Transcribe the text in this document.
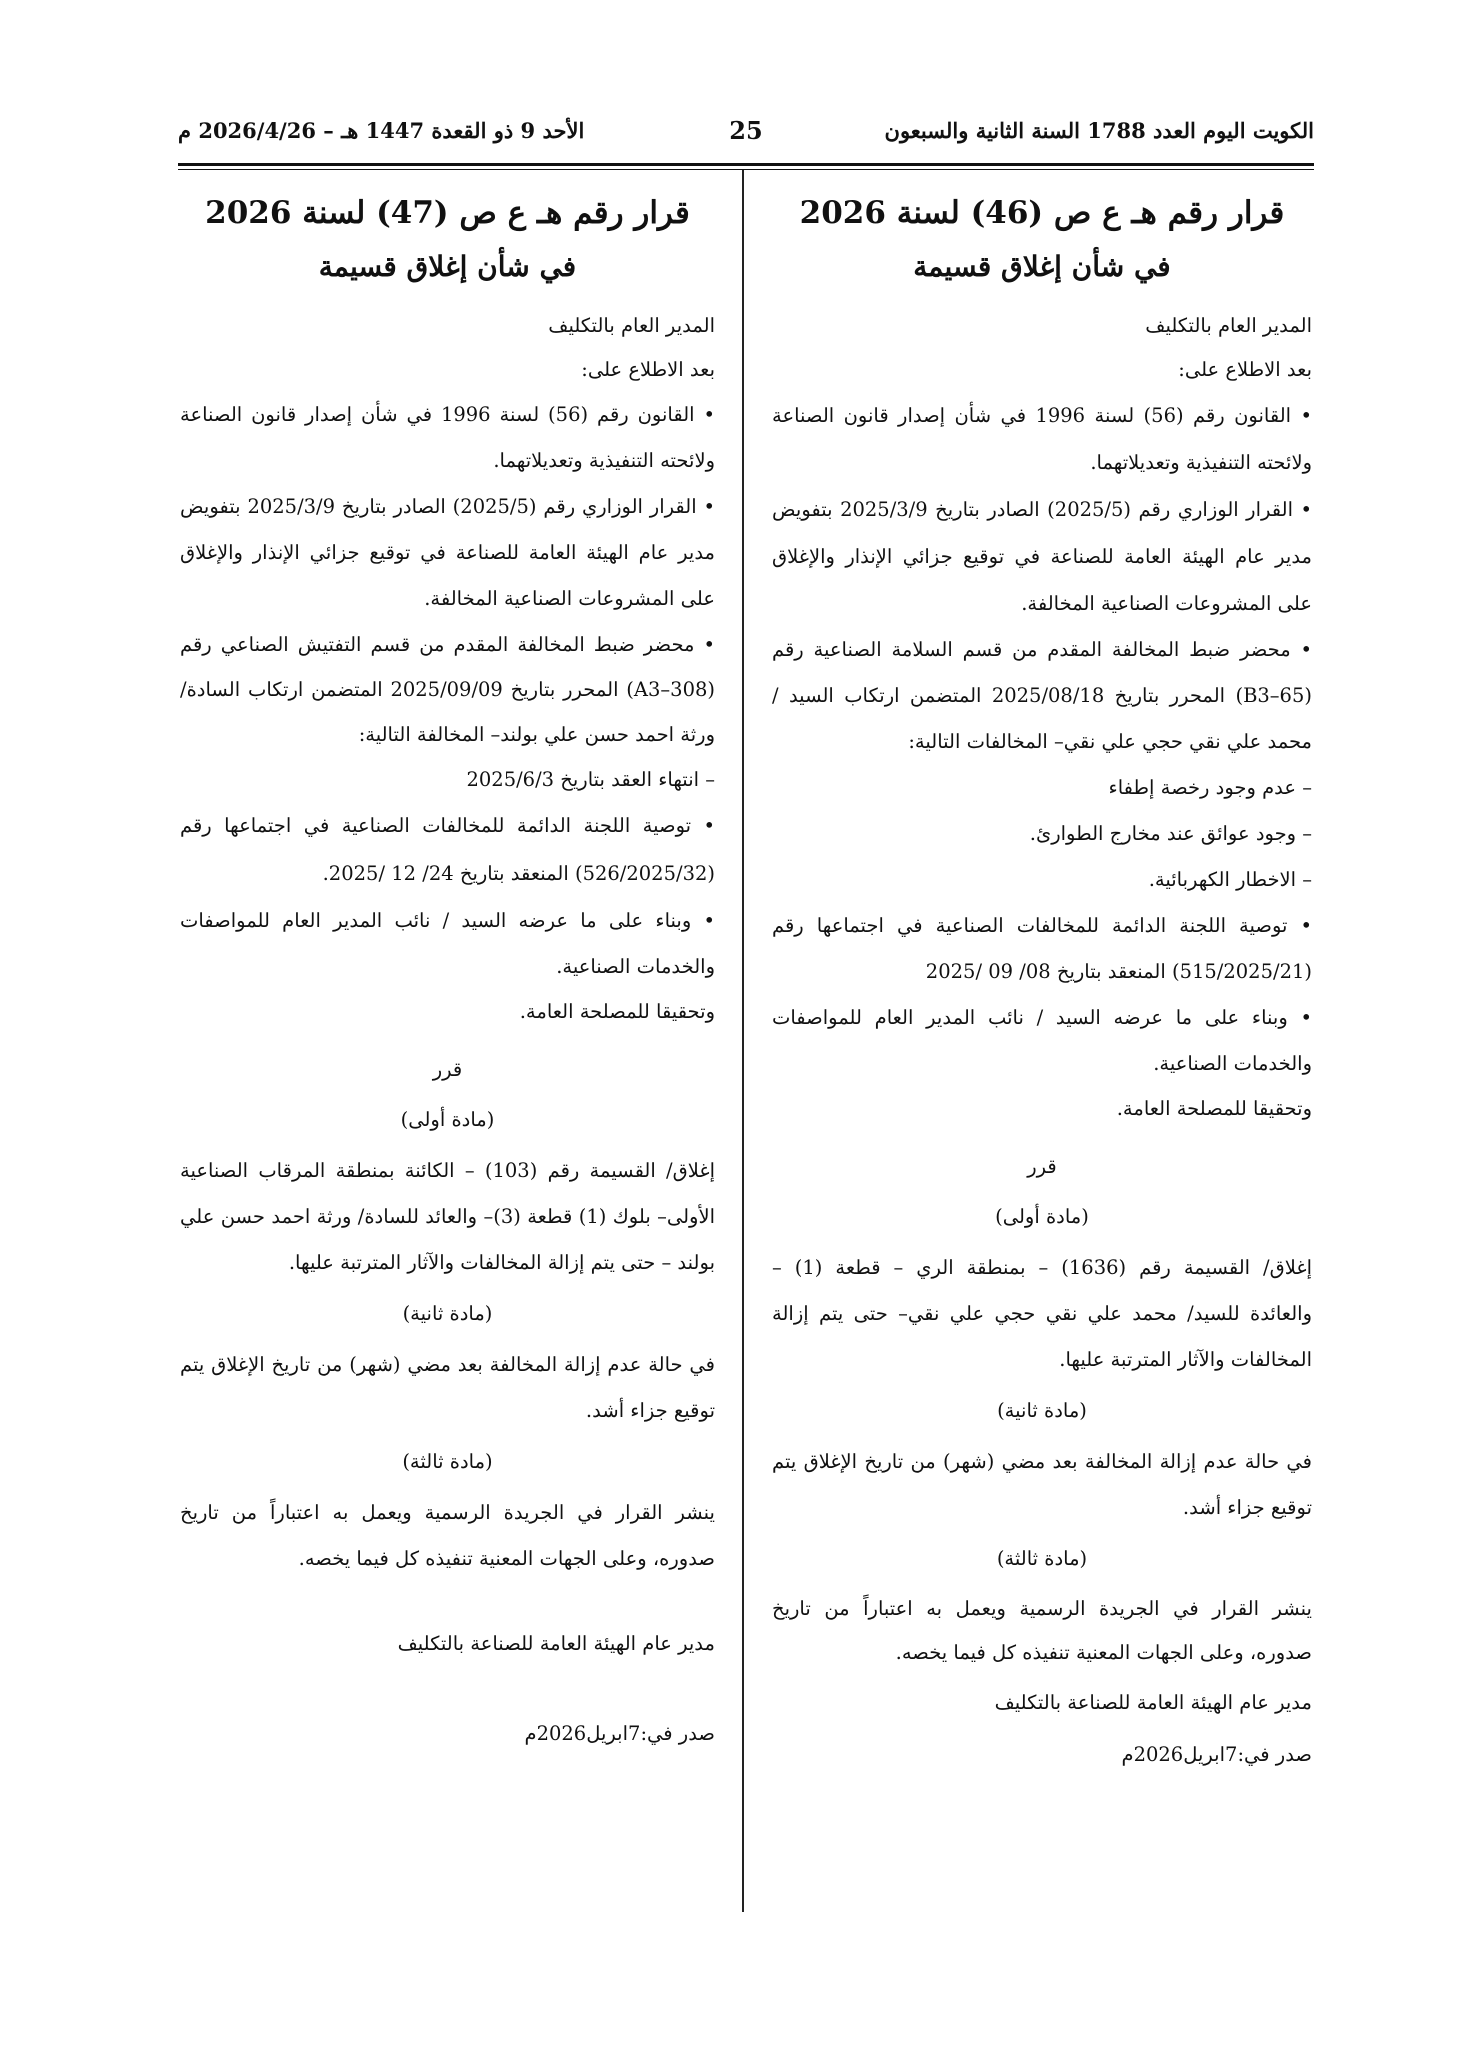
الكويت اليوم العدد 1788 السنة الثانية والسبعون
25
الأحد 9 ذو القعدة 1447 هـ – 2026/4/26 م
قرار رقم هـ ع ص (46) لسنة 2026
في شأن إغلاق قسيمة
المدير العام بالتكليف
بعد الاطلاع على:

• القانون رقم (56) لسنة 1996 في شأن إصدار قانون الصناعة ولائحته التنفيذية وتعديلاتهما.

• القرار الوزاري رقم (2025/5) الصادر بتاريخ 2025/3/9 بتفويض مدير عام الهيئة العامة للصناعة في توقيع جزائي الإنذار والإغلاق على المشروعات الصناعية المخالفة.

• محضر ضبط المخالفة المقدم من قسم السلامة الصناعية رقم (B3–65) المحرر بتاريخ 2025/08/18 المتضمن ارتكاب السيد / محمد علي نقي حجي علي نقي– المخالفات التالية:

– عدم وجود رخصة إطفاء
– وجود عوائق عند مخارج الطوارئ.
– الاخطار الكهربائية.

• توصية اللجنة الدائمة للمخالفات الصناعية في اجتماعها رقم (515/2025/21) المنعقد بتاريخ 08/ 09 /2025

• وبناء على ما عرضه السيد / نائب المدير العام للمواصفات والخدمات الصناعية.

وتحقيقا للمصلحة العامة.
قرر
(مادة أولى)

إغلاق/ القسيمة رقم (1636) – بمنطقة الري – قطعة (1) – والعائدة للسيد/ محمد علي نقي حجي علي نقي– حتى يتم إزالة المخالفات والآثار المترتبة عليها.

(مادة ثانية)

في حالة عدم إزالة المخالفة بعد مضي (شهر) من تاريخ الإغلاق يتم توقيع جزاء أشد.

(مادة ثالثة)

ينشر القرار في الجريدة الرسمية ويعمل به اعتباراً من تاريخ صدوره، وعلى الجهات المعنية تنفيذه كل فيما يخصه.

مدير عام الهيئة العامة للصناعة بالتكليف
صدر في:7ابريل2026م
قرار رقم هـ ع ص (47) لسنة 2026
في شأن إغلاق قسيمة
المدير العام بالتكليف
بعد الاطلاع على:

• القانون رقم (56) لسنة 1996 في شأن إصدار قانون الصناعة ولائحته التنفيذية وتعديلاتهما.

• القرار الوزاري رقم (2025/5) الصادر بتاريخ 2025/3/9 بتفويض مدير عام الهيئة العامة للصناعة في توقيع جزائي الإنذار والإغلاق على المشروعات الصناعية المخالفة.

• محضر ضبط المخالفة المقدم من قسم التفتيش الصناعي رقم (A3–308) المحرر بتاريخ 2025/09/09 المتضمن ارتكاب السادة/ ورثة احمد حسن علي بولند– المخالفة التالية:

– انتهاء العقد بتاريخ 2025/6/3

• توصية اللجنة الدائمة للمخالفات الصناعية في اجتماعها رقم (526/2025/32) المنعقد بتاريخ 24/ 12 /2025.

• وبناء على ما عرضه السيد / نائب المدير العام للمواصفات والخدمات الصناعية.

وتحقيقا للمصلحة العامة.
قرر
(مادة أولى)

إغلاق/ القسيمة رقم (103) – الكائنة بمنطقة المرقاب الصناعية الأولى– بلوك (1) قطعة (3)– والعائد للسادة/ ورثة احمد حسن علي بولند – حتى يتم إزالة المخالفات والآثار المترتبة عليها.

(مادة ثانية)

في حالة عدم إزالة المخالفة بعد مضي (شهر) من تاريخ الإغلاق يتم توقيع جزاء أشد.

(مادة ثالثة)

ينشر القرار في الجريدة الرسمية ويعمل به اعتباراً من تاريخ صدوره، وعلى الجهات المعنية تنفيذه كل فيما يخصه.

مدير عام الهيئة العامة للصناعة بالتكليف
صدر في:7ابريل2026م
